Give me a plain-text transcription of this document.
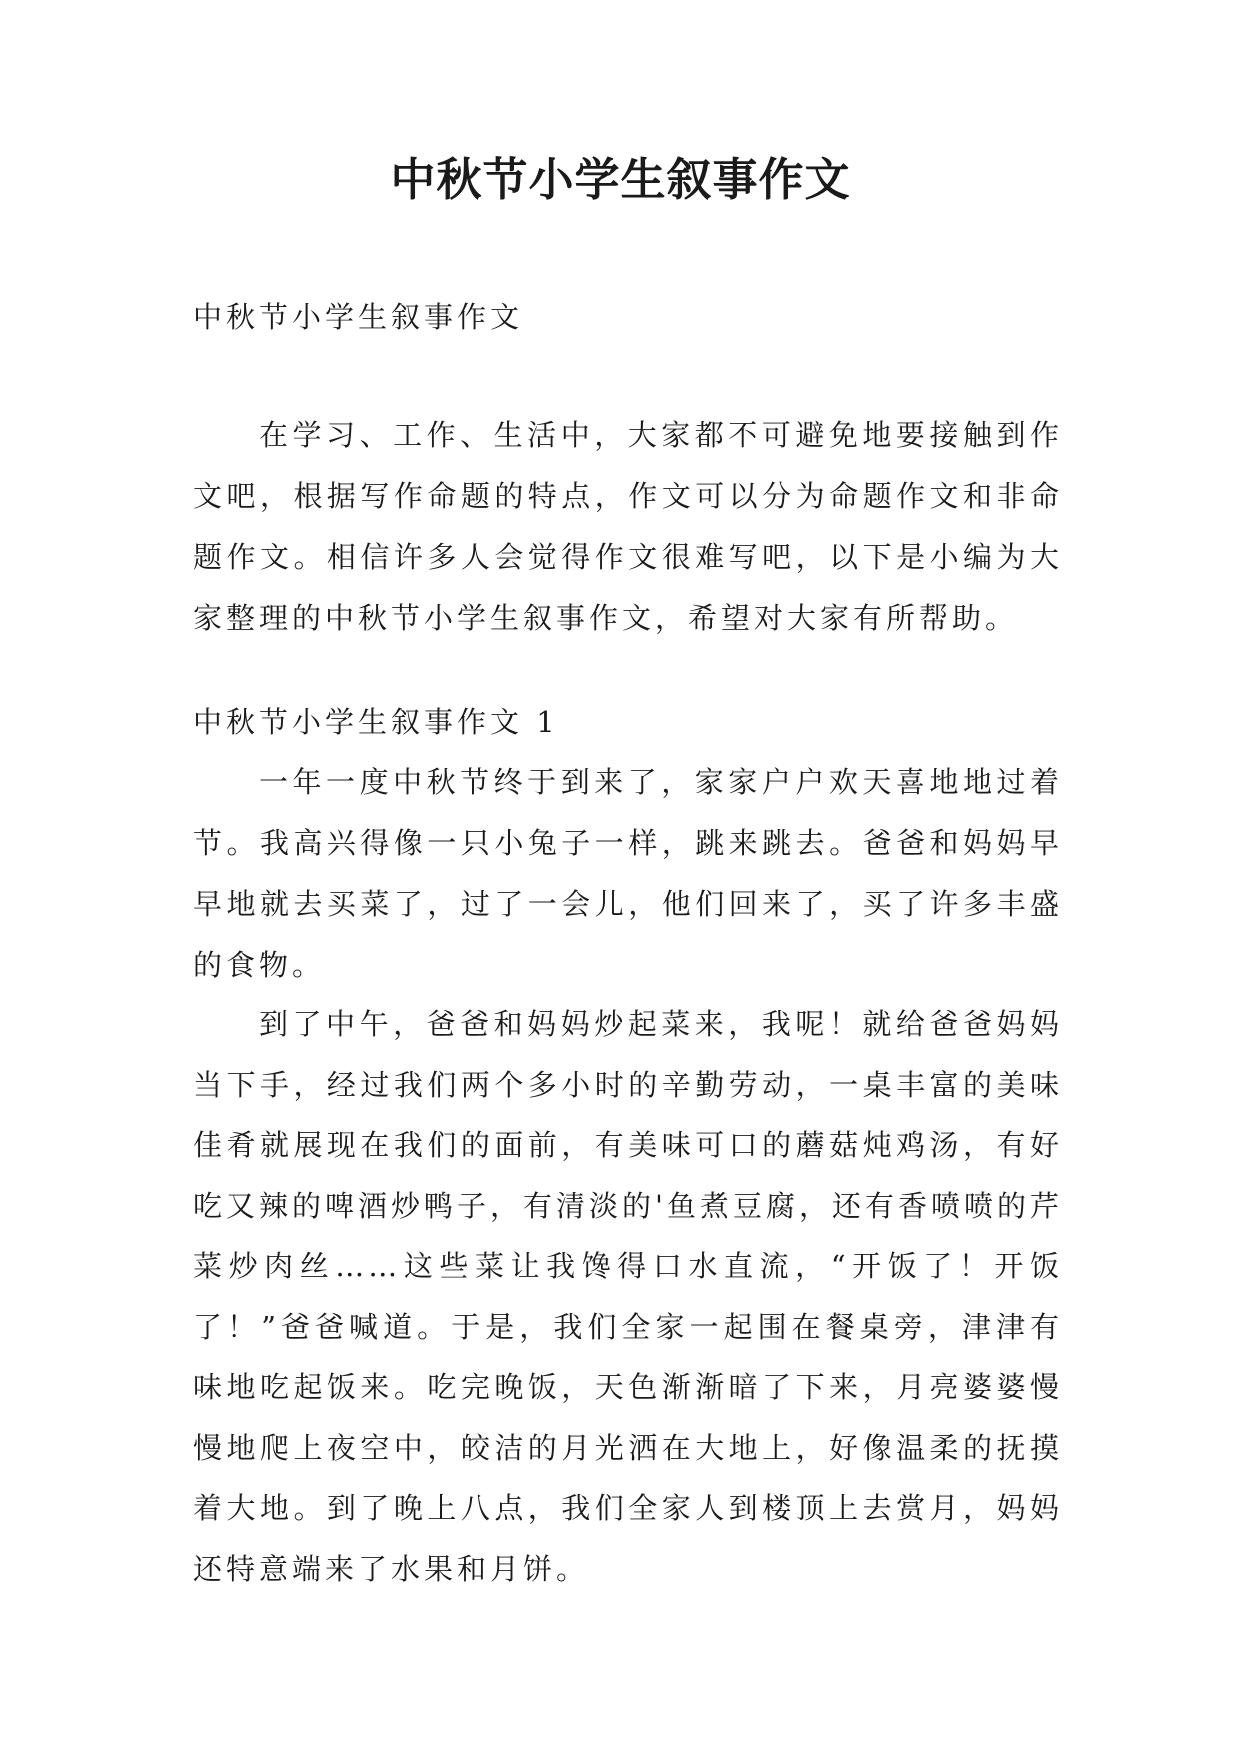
中秋节小学生叙事作文

中秋节小学生叙事作文

在学习、工作、生活中，大家都不可避免地要接触到作文吧，根据写作命题的特点，作文可以分为命题作文和非命题作文。相信许多人会觉得作文很难写吧，以下是小编为大家整理的中秋节小学生叙事作文，希望对大家有所帮助。

中秋节小学生叙事作文 1

一年一度中秋节终于到来了，家家户户欢天喜地地过着节。我高兴得像一只小兔子一样，跳来跳去。爸爸和妈妈早早地就去买菜了，过了一会儿，他们回来了，买了许多丰盛的食物。

到了中午，爸爸和妈妈炒起菜来，我呢！就给爸爸妈妈当下手，经过我们两个多小时的辛勤劳动，一桌丰富的美味佳肴就展现在我们的面前，有美味可口的蘑菇炖鸡汤，有好吃又辣的啤酒炒鸭子，有清淡的'鱼煮豆腐，还有香喷喷的芹菜炒肉丝……这些菜让我馋得口水直流，“开饭了！开饭了！”爸爸喊道。于是，我们全家一起围在餐桌旁，津津有味地吃起饭来。吃完晚饭，天色渐渐暗了下来，月亮婆婆慢慢地爬上夜空中，皎洁的月光洒在大地上，好像温柔的抚摸着大地。到了晚上八点，我们全家人到楼顶上去赏月，妈妈还特意端来了水果和月饼。
